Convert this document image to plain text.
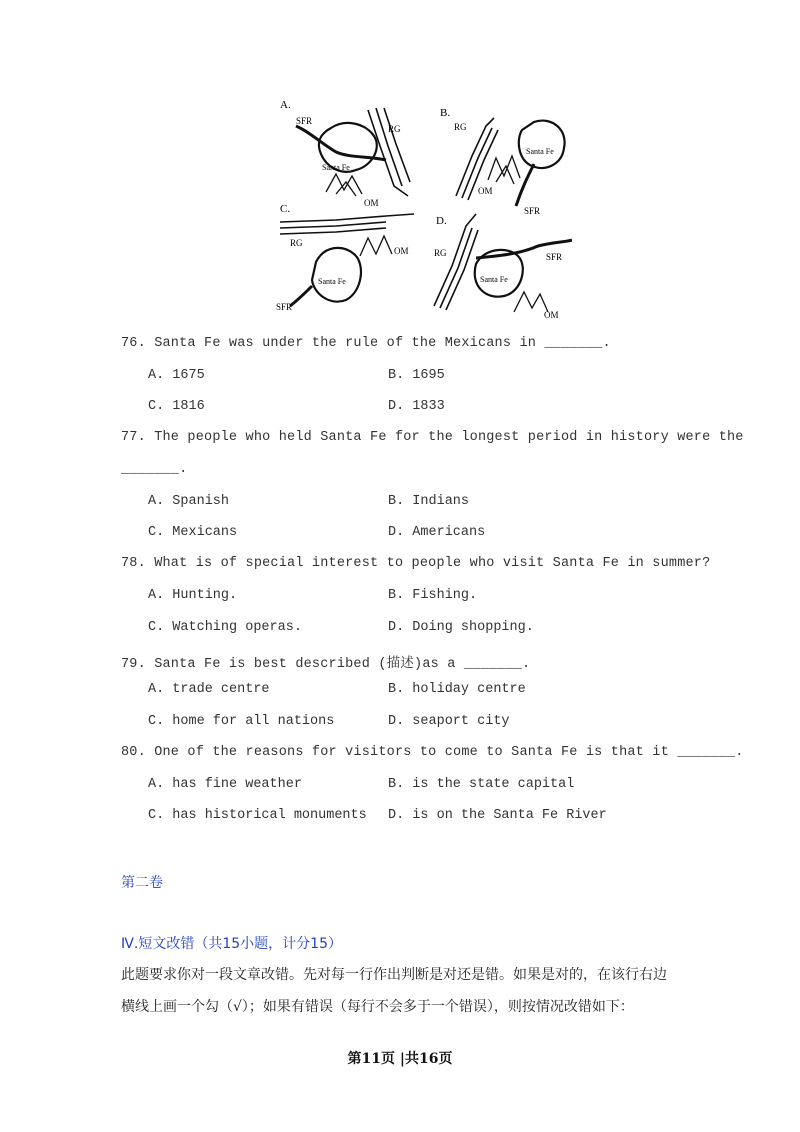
A.
SFR
RG
Santa Fe
OM
B.
RG
Santa Fe
OM
SFR
C.
RG
OM
Santa Fe
SFR
D.
RG	SFR
Santa Fe
OM
76. Santa Fe was under the rule of the Mexicans in _______.
A. 1675	B. 1695
C. 1816	D. 1833
77. The people who held Santa Fe for the longest period in history were the
_______.
A. Spanish	B. Indians
C. Mexicans	D. Americans
78. What is of special interest to people who visit Santa Fe in summer?
A. Hunting.	B. Fishing.
C. Watching operas.	D. Doing shopping.
79. Santa Fe is best described (描述)as a _______.
A. trade centre	B. holiday centre
C. home for all nations	D. seaport city
80. One of the reasons for visitors to come to Santa Fe is that it _______.
A. has fine weather	B. is the state capital
C. has historical monuments D. is on the Santa Fe River
第二卷
Ⅳ.短文改错（共15小题，计分15）
此题要求你对一段文章改错。先对每一行作出判断是对还是错。如果是对的，在该行右边
横线上画一个勾（√）；如果有错误（每行不会多于一个错误），则按情况改错如下：
第11页 |共16页
